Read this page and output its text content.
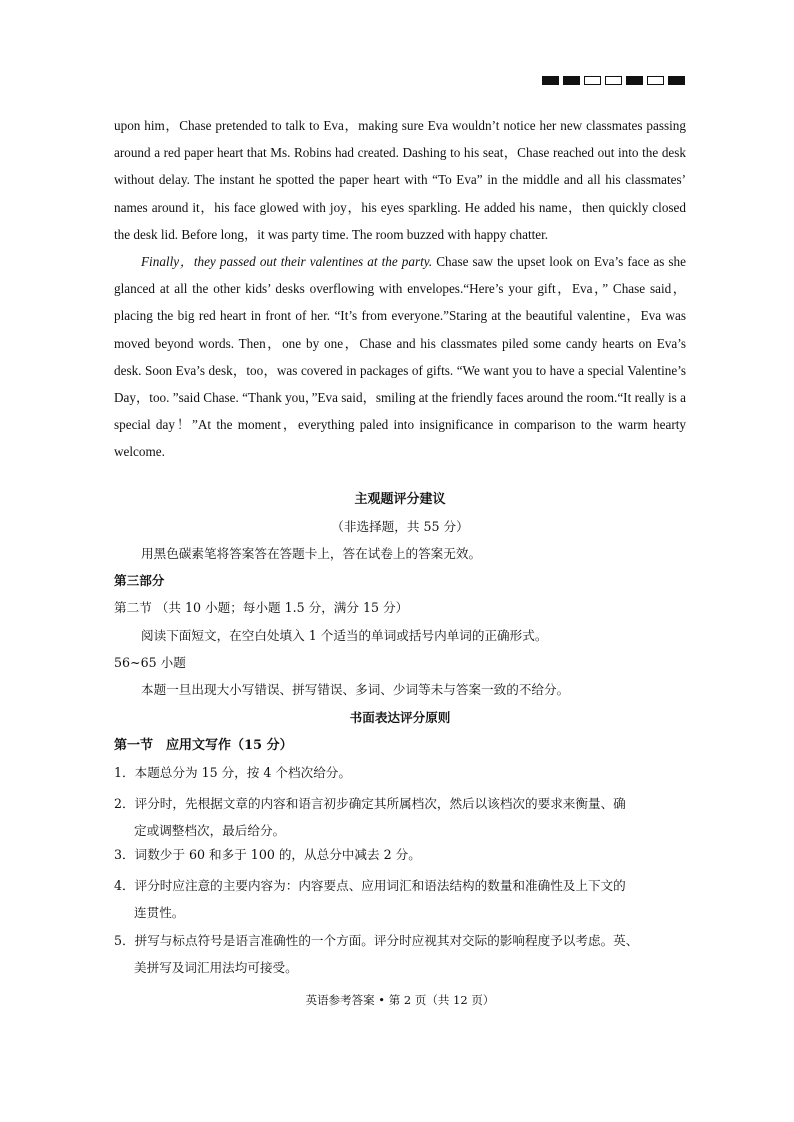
upon him，Chase pretended to talk to Eva，making sure Eva wouldn’t notice her new classmates passing around a red paper heart that Ms. Robins had created. Dashing to his seat，Chase reached out into the desk without delay. The instant he spotted the paper heart with “To Eva” in the middle and all his classmates’ names around it，his face glowed with joy，his eyes sparkling. He added his name，then quickly closed the desk lid. Before long，it was party time. The room buzzed with happy chatter.

Finally，they passed out their valentines at the party. Chase saw the upset look on Eva’s face as she glanced at all the other kids’ desks overflowing with envelopes.“Here’s your gift，Eva，” Chase said，placing the big red heart in front of her. “It’s from everyone.”Staring at the beautiful valentine，Eva was moved beyond words. Then，one by one，Chase and his classmates piled some candy hearts on Eva’s desk. Soon Eva’s desk，too，was covered in packages of gifts. “We want you to have a special Valentine’s Day，too. ”said Chase. “Thank you，”Eva said，smiling at the friendly faces around the room.“It really is a special day！”At the moment，everything paled into insignificance in comparison to the warm hearty welcome.

主观题评分建议
（非选择题，共 55 分）
用黑色碳素笔将答案答在答题卡上，答在试卷上的答案无效。
第三部分
第二节 （共 10 小题；每小题 1.5 分，满分 15 分）
阅读下面短文，在空白处填入 1 个适当的单词或括号内单词的正确形式。
56~65 小题
本题一旦出现大小写错误、拼写错误、多词、少词等未与答案一致的不给分。
书面表达评分原则
第一节　应用文写作（15 分）
1．本题总分为 15 分，按 4 个档次给分。
2．评分时，先根据文章的内容和语言初步确定其所属档次，然后以该档次的要求来衡量、确
定或调整档次，最后给分。
3．词数少于 60 和多于 100 的，从总分中减去 2 分。
4．评分时应注意的主要内容为：内容要点、应用词汇和语法结构的数量和准确性及上下文的
连贯性。
5．拼写与标点符号是语言准确性的一个方面。评分时应视其对交际的影响程度予以考虑。英、
美拼写及词汇用法均可接受。
英语参考答案 • 第 2 页（共 12 页）
